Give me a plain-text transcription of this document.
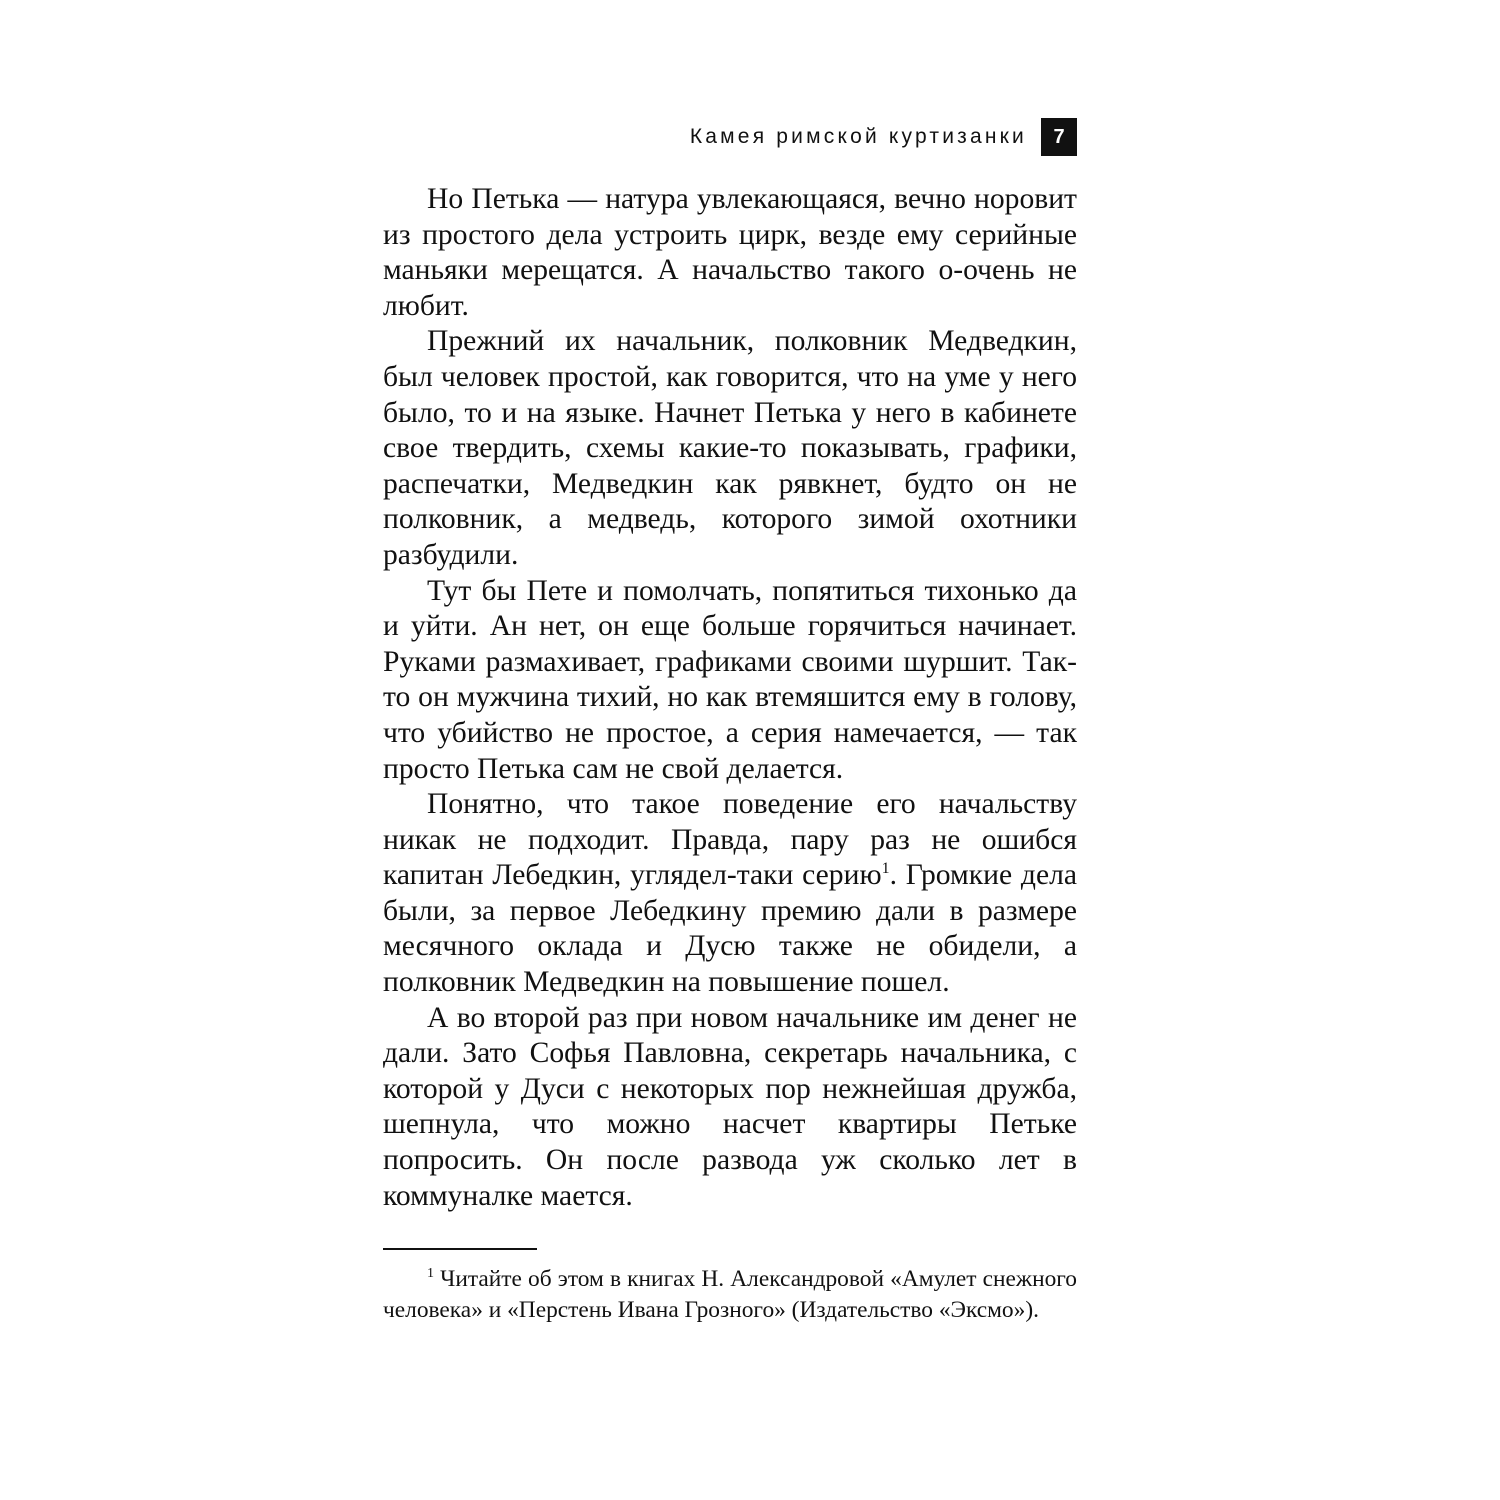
Камея римской куртизанки	7

Но Петька — натура увлекающаяся, вечно норовит из простого дела устроить цирк, везде ему серийные маньяки мерещатся. А начальство такого о-очень не любит.

Прежний их начальник, полковник Медведкин, был человек простой, как говорится, что на уме у него было, то и на языке. Начнет Петька у него в кабинете свое твердить, схемы какие-то показывать, графики, распечатки, Медведкин как рявкнет, будто он не полковник, а медведь, которого зимой охотники разбудили.

Тут бы Пете и помолчать, попятиться тихонько да и уйти. Ан нет, он еще больше горячиться начинает. Руками размахивает, графиками своими шуршит. Так-то он мужчина тихий, но как втемяшится ему в голову, что убийство не простое, а серия намечается, — так просто Петька сам не свой делается.

Понятно, что такое поведение его начальству никак не подходит. Правда, пару раз не ошибся капитан Лебедкин, углядел-таки серию$^1$. Громкие дела были, за первое Лебедкину премию дали в размере месячного оклада и Дусю также не обидели, а полковник Медведкин на повышение пошел.

А во второй раз при новом начальнике им денег не дали. Зато Софья Павловна, секретарь начальника, с которой у Дуси с некоторых пор нежнейшая дружба, шепнула, что можно насчет квартиры Петьке попросить. Он после развода уж сколько лет в коммуналке мается.

$^1$ Читайте об этом в книгах Н. Александровой «Амулет снежного человека» и «Перстень Ивана Грозного» (Издательство «Эксмо»).
